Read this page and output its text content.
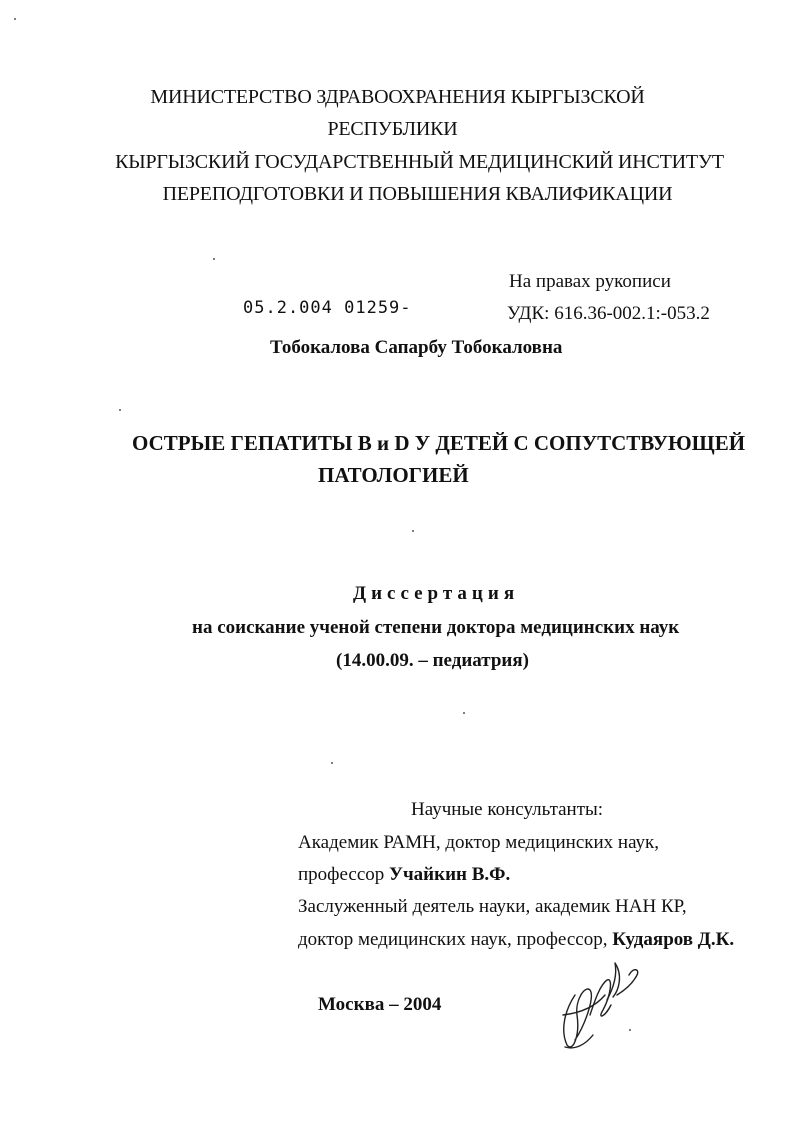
МИНИСТЕРСТВО ЗДРАВООХРАНЕНИЯ КЫРГЫЗСКОЙ
РЕСПУБЛИКИ
КЫРГЫЗСКИЙ ГОСУДАРСТВЕННЫЙ МЕДИЦИНСКИЙ ИНСТИТУТ
ПЕРЕПОДГОТОВКИ И ПОВЫШЕНИЯ КВАЛИФИКАЦИИ
На правах рукописи
05.2.004 01259-	УДК: 616.36-002.1:-053.2
Тобокалова Сапарбу Тобокаловна
ОСТРЫЕ ГЕПАТИТЫ В и D У ДЕТЕЙ С СОПУТСТВУЮЩЕЙ
ПАТОЛОГИЕЙ
Диссертация
на соискание ученой степени доктора медицинских наук
(14.00.09. – педиатрия)
Научные консультанты:
Академик РАМН, доктор медицинских наук,
профессор Учайкин В.Ф.
Заслуженный деятель науки, академик НАН КР,
доктор медицинских наук, профессор, Кудаяров Д.К.
Москва – 2004
